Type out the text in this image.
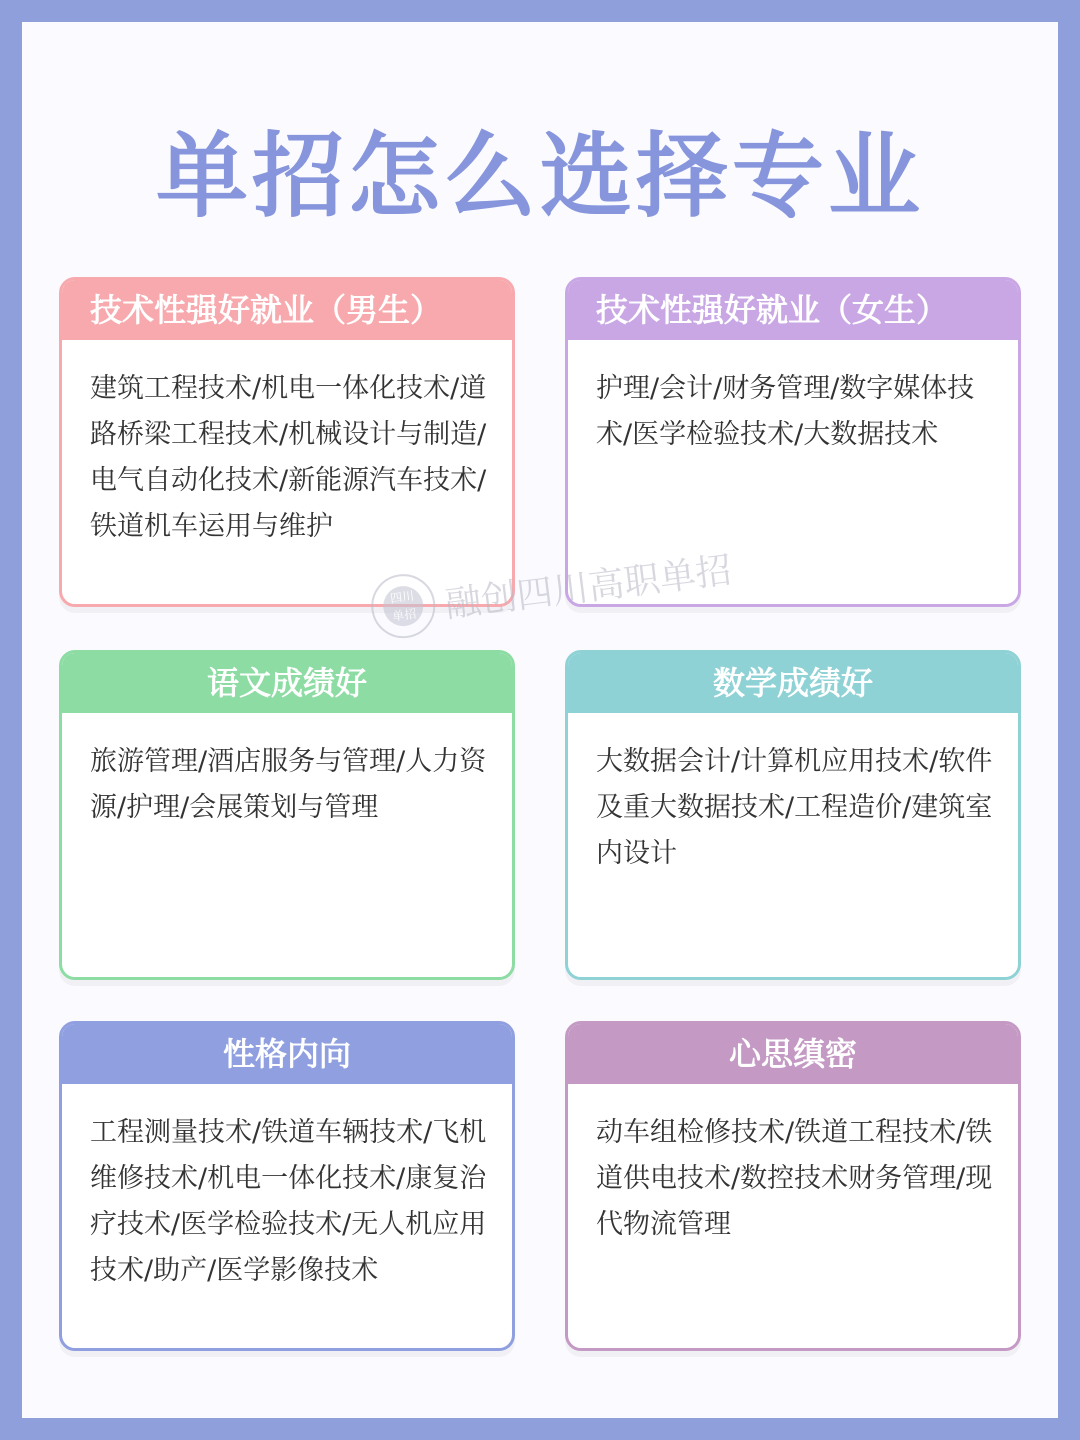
单招怎么选择专业
技术性强好就业（男生）
建筑工程技术/机电一体化技术/道路桥梁工程技术/机械设计与制造/电气自动化技术/新能源汽车技术/铁道机车运用与维护
技术性强好就业（女生）
护理/会计/财务管理/数字媒体技术/医学检验技术/大数据技术
语文成绩好
旅游管理/酒店服务与管理/人力资源/护理/会展策划与管理
数学成绩好
大数据会计/计算机应用技术/软件及重大数据技术/工程造价/建筑室内设计
性格内向
工程测量技术/铁道车辆技术/飞机维修技术/机电一体化技术/康复治疗技术/医学检验技术/无人机应用技术/助产/医学影像技术
心思缜密
动车组检修技术/铁道工程技术/铁道供电技术/数控技术财务管理/现代物流管理
四川
单招 融创四川高职单招
